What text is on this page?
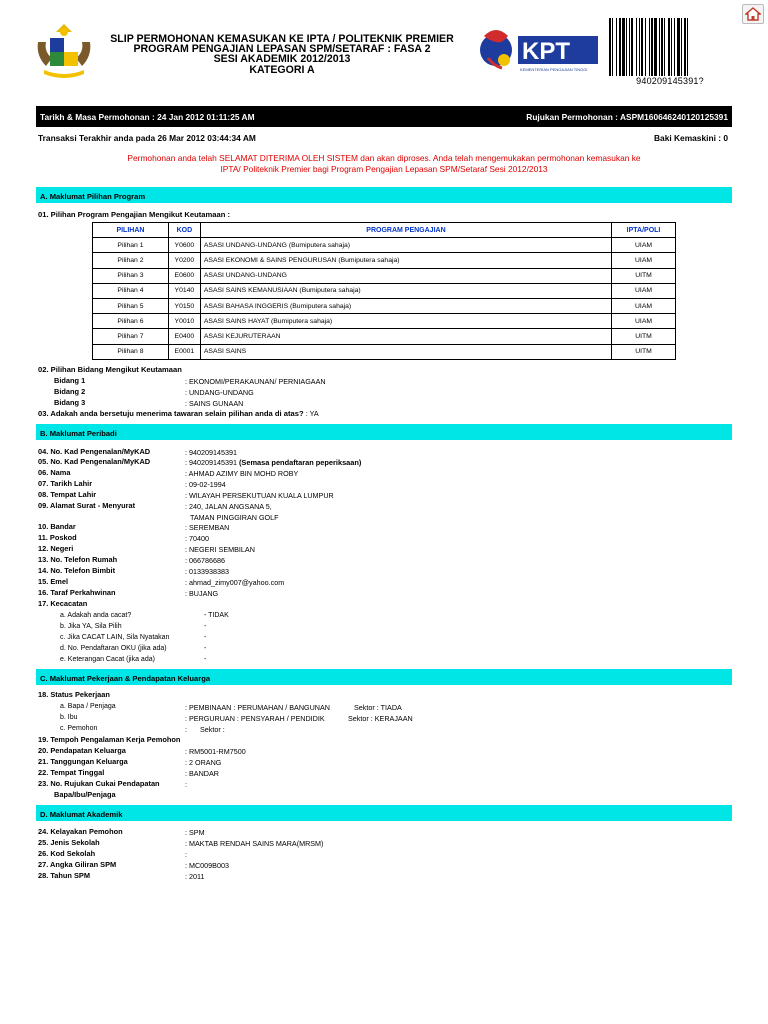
SLIP PERMOHONAN KEMASUKAN KE IPTA / POLITEKNIK PREMIER
PROGRAM PENGAJIAN LEPASAN SPM/SETARAF : FASA 2
SESI AKADEMIK 2012/2013
KATEGORI A
KPT
KEMENTERIAN PENGAJIAN TINGGI
940209145391?
Tarikh & Masa Permohonan : 24 Jan 2012 01:11:25 AM	Rujukan Permohonan : ASPM160646240120125391
Transaksi Terakhir anda pada 26 Mar 2012 03:44:34 AM	Baki Kemaskini : 0
Permohonan anda telah SELAMAT DITERIMA OLEH SISTEM dan akan diproses. Anda telah mengemukakan permohonan kemasukan ke
IPTA/ Politeknik Premier bagi Program Pengajian Lepasan SPM/Setaraf Sesi 2012/2013
A. Maklumat Pilihan Program
01. Pilihan Program Pengajian Mengikut Keutamaan :
PILIHAN	KOD	PROGRAM PENGAJIAN	IPTA/POLI
Pilihan 1	Y0600	ASASI UNDANG-UNDANG (Bumiputera sahaja)	UIAM
Pilihan 2	Y0200	ASASI EKONOMI & SAINS PENGURUSAN (Bumiputera sahaja)	UIAM
Pilihan 3	E0600	ASASI UNDANG-UNDANG	UITM
Pilihan 4	Y0140	ASASI SAINS KEMANUSIAAN (Bumiputera sahaja)	UIAM
Pilihan 5	Y0150	ASASI BAHASA INGGERIS (Bumiputera sahaja)	UIAM
Pilihan 6	Y0010	ASASI SAINS HAYAT (Bumiputera sahaja)	UIAM
Pilihan 7	E0400	ASASI KEJURUTERAAN	UITM
Pilihan 8	E0001	ASASI SAINS	UITM
02. Pilihan Bidang Mengikut Keutamaan
Bidang 1	: EKONOMI/PERAKAUNAN/ PERNIAGAAN
Bidang 2	: UNDANG-UNDANG
Bidang 3	: SAINS GUNAAN
03. Adakah anda bersetuju menerima tawaran selain pilihan anda di atas? : YA
B. Maklumat Peribadi
04. No. Kad Pengenalan/MyKAD	: 940209145391
05. No. Kad Pengenalan/MyKAD	: 940209145391 (Semasa pendaftaran peperiksaan)
06. Nama	: AHMAD AZIMY BIN MOHD ROBY
07. Tarikh Lahir	: 09-02-1994
08. Tempat Lahir	: WILAYAH PERSEKUTUAN KUALA LUMPUR
09. Alamat Surat - Menyurat	: 240, JALAN ANGSANA 5,
TAMAN PINGGIRAN GOLF
10. Bandar	: SEREMBAN
11. Poskod	: 70400
12. Negeri	: NEGERI SEMBILAN
13. No. Telefon Rumah	: 066786686
14. No. Telefon Bimbit	: 0133938383
15. Emel	: ahmad_zimy007@yahoo.com
16. Taraf Perkahwinan	: BUJANG
17. Kecacatan
a. Adakah anda cacat?	- TIDAK
b. Jika YA, Sila Pilih	-
c. Jika CACAT LAIN, Sila Nyatakan	-
d. No. Pendaftaran OKU (jika ada)	-
e. Keterangan Cacat (jika ada)	-
C. Maklumat Pekerjaan & Pendapatan Keluarga
18. Status Pekerjaan
a. Bapa / Penjaga	: PEMBINAAN : PERUMAHAN / BANGUNAN	Sektor : TIADA
b. Ibu	: PERGURUAN : PENSYARAH / PENDIDIK	Sektor : KERAJAAN
c. Pemohon	: Sektor :
19. Tempoh Pengalaman Kerja Pemohon
20. Pendapatan Keluarga	: RM5001-RM7500
21. Tanggungan Keluarga	: 2 ORANG
22. Tempat Tinggal	: BANDAR
23. No. Rujukan Cukai Pendapatan	:
Bapa/Ibu/Penjaga
D. Maklumat Akademik
24. Kelayakan Pemohon	: SPM
25. Jenis Sekolah	: MAKTAB RENDAH SAINS MARA(MRSM)
26. Kod Sekolah	:
27. Angka Giliran SPM	: MC009B003
28. Tahun SPM	: 2011
